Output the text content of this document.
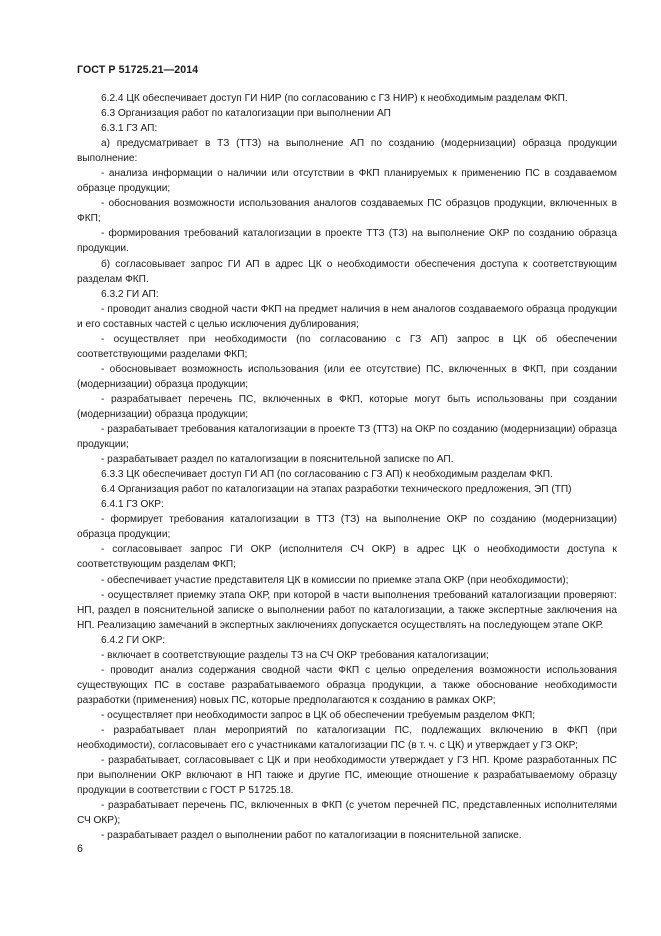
ГОСТ Р 51725.21—2014

6.2.4 ЦК обеспечивает доступ ГИ НИР (по согласованию с ГЗ НИР) к необходимым разделам ФКП.

6.3 Организация работ по каталогизации при выполнении АП

6.3.1 ГЗ АП:

а) предусматривает в ТЗ (ТТЗ) на выполнение АП по созданию (модернизации) образца продукции выполнение:

- анализа информации о наличии или отсутствии в ФКП планируемых к применению ПС в создаваемом образце продукции;

- обоснования возможности использования аналогов создаваемых ПС образцов продукции, включенных в ФКП;

- формирования требований каталогизации в проекте ТТЗ (ТЗ) на выполнение ОКР по созданию образца продукции.

б) согласовывает запрос ГИ АП в адрес ЦК о необходимости обеспечения доступа к соответствующим разделам ФКП.

6.3.2 ГИ АП:

- проводит анализ сводной части ФКП на предмет наличия в нем аналогов создаваемого образца продукции и его составных частей с целью исключения дублирования;

- осуществляет при необходимости (по согласованию с ГЗ АП) запрос в ЦК об обеспечении соответствующими разделами ФКП;

- обосновывает возможность использования (или ее отсутствие) ПС, включенных в ФКП, при создании (модернизации) образца продукции;

- разрабатывает перечень ПС, включенных в ФКП, которые могут быть использованы при создании (модернизации) образца продукции;

- разрабатывает требования каталогизации в проекте ТЗ (ТТЗ) на ОКР по созданию (модернизации) образца продукции;

- разрабатывает раздел по каталогизации в пояснительной записке по АП.

6.3.3 ЦК обеспечивает доступ ГИ АП (по согласованию с ГЗ АП) к необходимым разделам ФКП.

6.4 Организация работ по каталогизации на этапах разработки технического предложения, ЭП (ТП)

6.4.1 ГЗ ОКР:

- формирует требования каталогизации в ТТЗ (ТЗ) на выполнение ОКР по созданию (модернизации) образца продукции;

- согласовывает запрос ГИ ОКР (исполнителя СЧ ОКР) в адрес ЦК о необходимости доступа к соответствующим разделам ФКП;

- обеспечивает участие представителя ЦК в комиссии по приемке этапа ОКР (при необходимости);

- осуществляет приемку этапа ОКР, при которой в части выполнения требований каталогизации проверяют: НП, раздел в пояснительной записке о выполнении работ по каталогизации, а также экспертные заключения на НП. Реализацию замечаний в экспертных заключениях допускается осуществлять на последующем этапе ОКР.

6.4.2 ГИ ОКР:

- включает в соответствующие разделы ТЗ на СЧ ОКР требования каталогизации;

- проводит анализ содержания сводной части ФКП с целью определения возможности использования существующих ПС в составе разрабатываемого образца продукции, а также обоснование необходимости разработки (применения) новых ПС, которые предполагаются к созданию в рамках ОКР;

- осуществляет при необходимости запрос в ЦК об обеспечении требуемым разделом ФКП;

- разрабатывает план мероприятий по каталогизации ПС, подлежащих включению в ФКП (при необходимости), согласовывает его с участниками каталогизации ПС (в т. ч. с ЦК) и утверждает у ГЗ ОКР;

- разрабатывает, согласовывает с ЦК и при необходимости утверждает у ГЗ НП. Кроме разработанных ПС при выполнении ОКР включают в НП также и другие ПС, имеющие отношение к разрабатываемому образцу продукции в соответствии с ГОСТ Р 51725.18.

- разрабатывает перечень ПС, включенных в ФКП (с учетом перечней ПС, представленных исполнителями СЧ ОКР);

- разрабатывает раздел о выполнении работ по каталогизации в пояснительной записке.

6
